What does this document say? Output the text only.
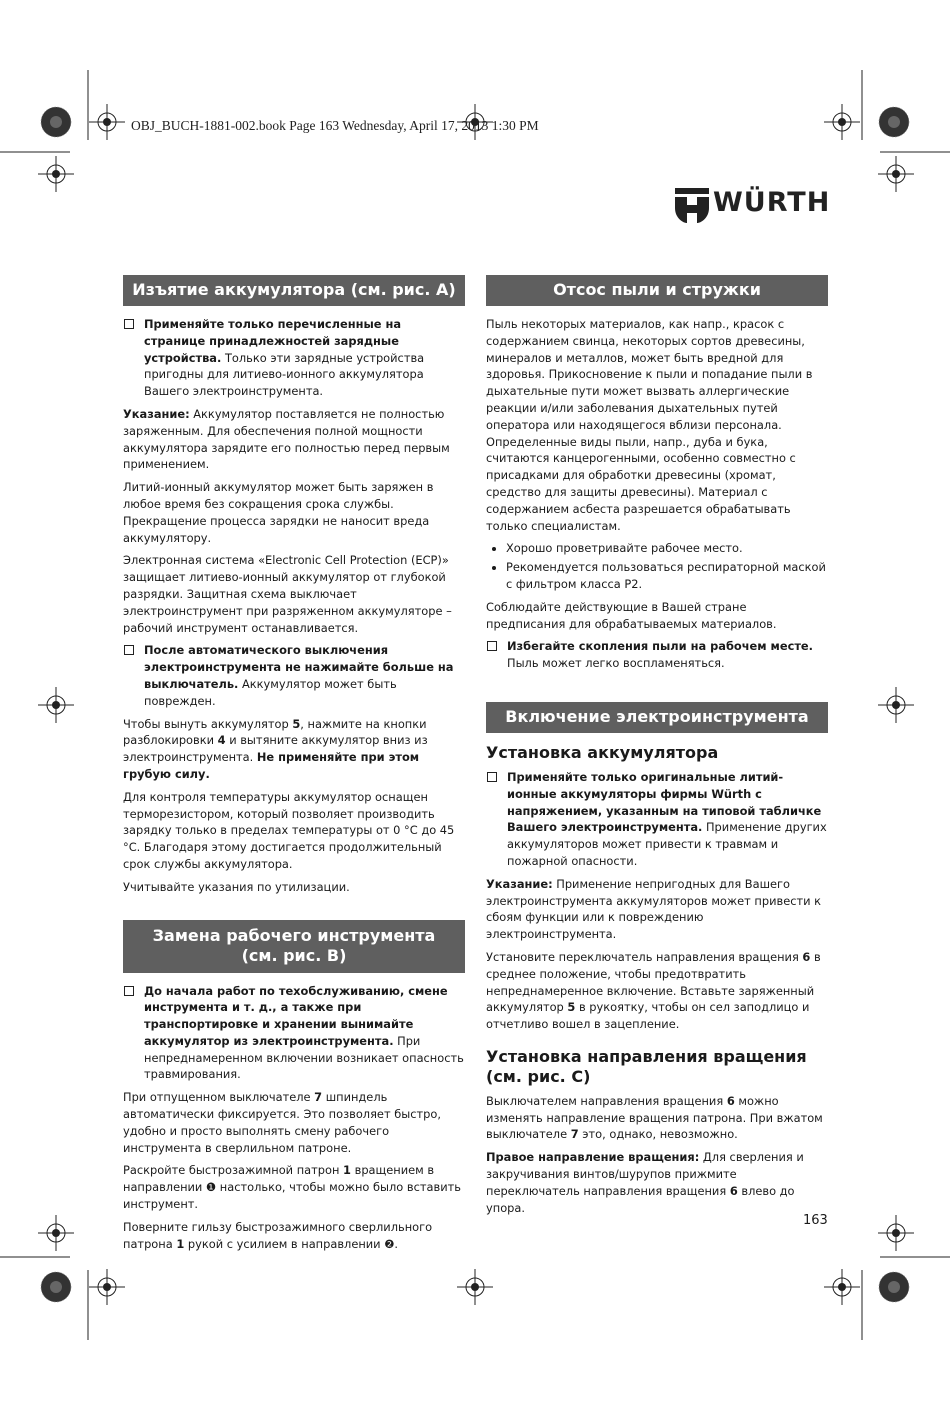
OBJ_BUCH-1881-002.book Page 163 Wednesday, April 17, 2013 1:30 PM
WÜRTH
Изъятие аккумулятора (см. рис. A)

Применяйте только перечисленные на странице принадлежностей зарядные устройства. Только эти зарядные устройства пригодны для литиево-ионного аккумулятора Вашего электроинструмента.

Указание: Аккумулятор поставляется не полностью заряженным. Для обеспечения полной мощности аккумулятора зарядите его полностью перед первым применением.

Литий-ионный аккумулятор может быть заряжен в любое время без сокращения срока службы. Прекращение процесса зарядки не наносит вреда аккумулятору.

Электронная система «Electronic Cell Protection (ECP)» защищает литиево-ионный аккумулятор от глубокой разрядки. Защитная схема выключает электроинструмент при разряженном аккумуляторе – рабочий инструмент останавливается.

После автоматического выключения электроинструмента не нажимайте больше на выключатель. Аккумулятор может быть поврежден.

Чтобы вынуть аккумулятор 5, нажмите на кнопки разблокировки 4 и вытяните аккумулятор вниз из электроинструмента. Не применяйте при этом грубую силу.

Для контроля температуры аккумулятор оснащен терморезистором, который позволяет производить зарядку только в пределах температуры от 0 °C до 45 °C. Благодаря этому достигается продолжительный срок службы аккумулятора.

Учитывайте указания по утилизации.

Замена рабочего инструмента
(см. рис. B)

До начала работ по техобслуживанию, смене инструмента и т. д., а также при транспортировке и хранении вынимайте аккумулятор из электроинструмента. При непреднамеренном включении возникает опасность травмирования.

При отпущенном выключателе 7 шпиндель автоматически фиксируется. Это позволяет быстро, удобно и просто выполнять смену рабочего инструмента в сверлильном патроне.

Раскройте быстрозажимной патрон 1 вращением в направлении ❶ настолько, чтобы можно было вставить инструмент.

Поверните гильзу быстрозажимного сверлильного патрона 1 рукой с усилием в направлении ❷.

Отсос пыли и стружки

Пыль некоторых материалов, как напр., красок с содержанием свинца, некоторых сортов древесины, минералов и металлов, может быть вредной для здоровья. Прикосновение к пыли и попадание пыли в дыхательные пути может вызвать аллергические реакции и/или заболевания дыхательных путей оператора или находящегося вблизи персонала.

Определенные виды пыли, напр., дуба и бука, считаются канцерогенными, особенно совместно с присадками для обработки древесины (хромат, средство для защиты древесины). Материал с содержанием асбеста разрешается обрабатывать только специалистам.

• Хорошо проветривайте рабочее место.
• Рекомендуется пользоваться респираторной маской с фильтром класса P2.

Соблюдайте действующие в Вашей стране предписания для обрабатываемых материалов.

Избегайте скопления пыли на рабочем месте. Пыль может легко воспламеняться.

Включение электроинструмента
Установка аккумулятора

Применяйте только оригинальные литий-ионные аккумуляторы фирмы Würth с напряжением, указанным на типовой табличке Вашего электроинструмента. Применение других аккумуляторов может привести к травмам и пожарной опасности.

Указание: Применение непригодных для Вашего электроинструмента аккумуляторов может привести к сбоям функции или к повреждению электроинструмента.

Установите переключатель направления вращения 6 в среднее положение, чтобы предотвратить непреднамеренное включение. Вставьте заряженный аккумулятор 5 в рукоятку, чтобы он сел заподлицо и отчетливо вошел в зацепление.

Установка направления вращения (см. рис. C)

Выключателем направления вращения 6 можно изменять направление вращения патрона. При вжатом выключателе 7 это, однако, невозможно.

Правое направление вращения: Для сверления и закручивания винтов/шурупов прижмите переключатель направления вращения 6 влево до упора.

163
